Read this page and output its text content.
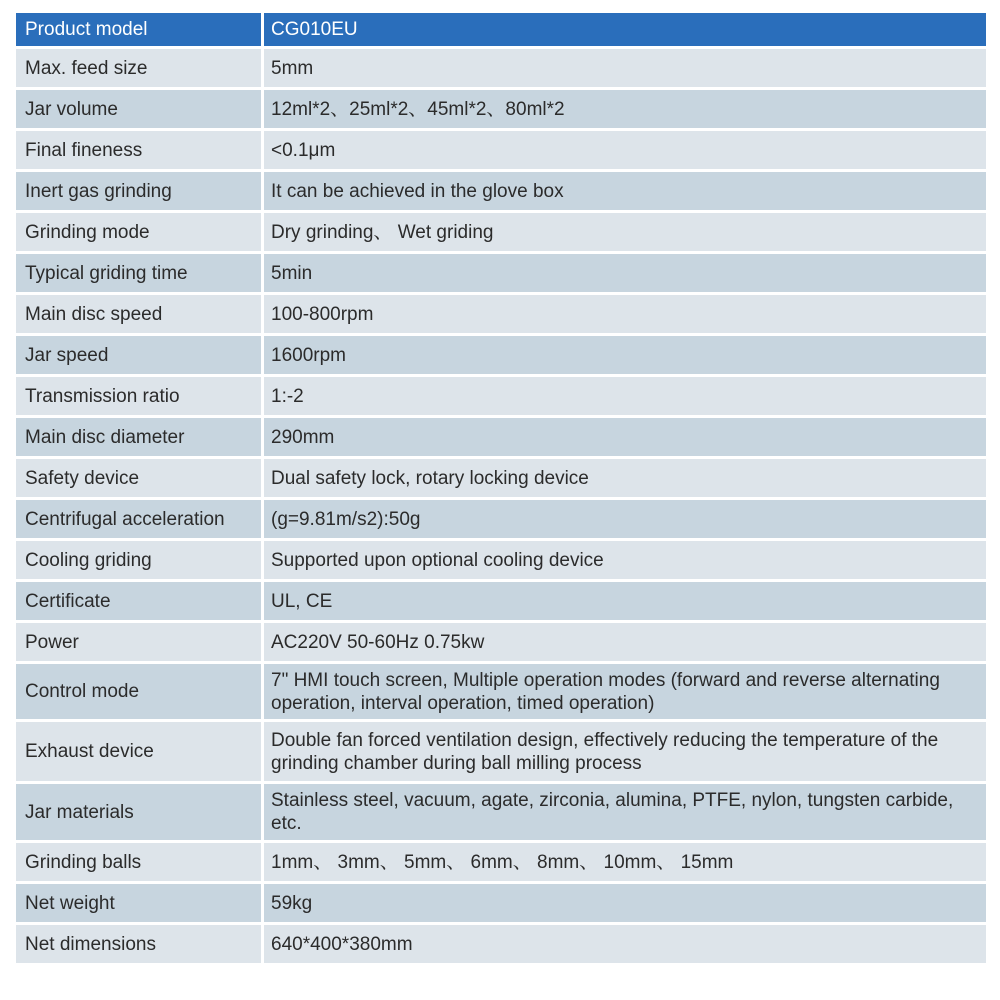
Product model	CG010EU
Max. feed size	5mm
Jar volume	12ml*2、25ml*2、45ml*2、80ml*2
Final fineness	<0.1μm
Inert gas grinding	It can be achieved in the glove box
Grinding mode	Dry grinding、 Wet griding
Typical griding time	5min
Main disc speed	100-800rpm
Jar speed	1600rpm
Transmission ratio	1:-2
Main disc diameter	290mm
Safety device	Dual safety lock, rotary locking device
Centrifugal acceleration	(g=9.81m/s2):50g
Cooling griding	Supported upon optional cooling device
Certificate	UL, CE
Power	AC220V 50-60Hz 0.75kw
Control mode	7" HMI touch screen, Multiple operation modes (forward and reverse alternating operation, interval operation, timed operation)
Exhaust device	Double fan forced ventilation design, effectively reducing the temperature of the grinding chamber during ball milling process
Jar materials	Stainless steel, vacuum, agate, zirconia, alumina, PTFE, nylon, tungsten carbide, etc.
Grinding balls	1mm、 3mm、 5mm、 6mm、 8mm、 10mm、 15mm
Net weight	59kg
Net dimensions	640*400*380mm
